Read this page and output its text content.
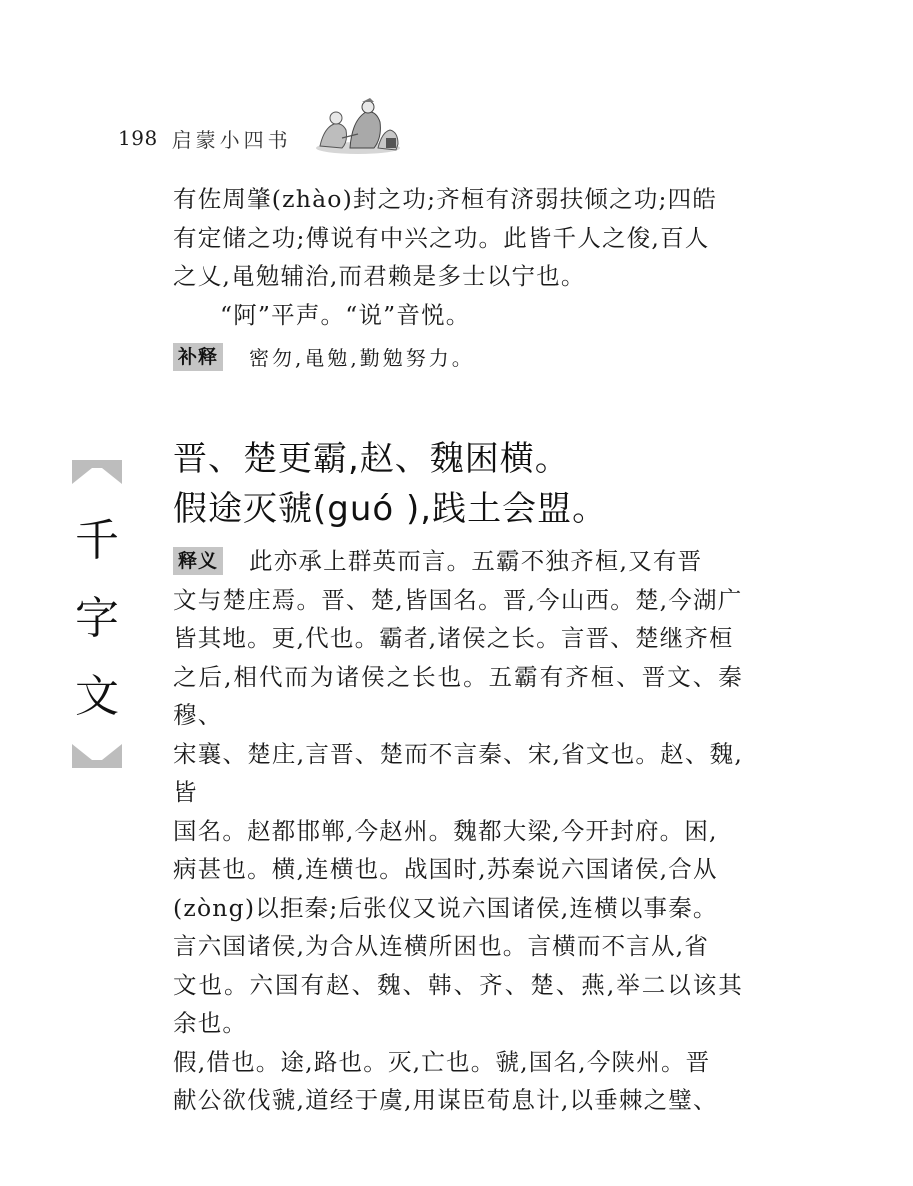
198 启蒙小四书

有佐周肇(zhào)封之功;齐桓有济弱扶倾之功;四皓

有定储之功;傅说有中兴之功。此皆千人之俊,百人

之乂,黾勉辅治,而君赖是多士以宁也。

“阿”平声。“说”音悦。

补释 密勿,黾勉,勤勉努力。
晋、楚更霸,赵、魏困横。
假途灭虢(guó ),践土会盟。
千
字
文

释义 此亦承上群英而言。五霸不独齐桓,又有晋

文与楚庄焉。晋、楚,皆国名。晋,今山西。楚,今湖广

皆其地。更,代也。霸者,诸侯之长。言晋、楚继齐桓

之后,相代而为诸侯之长也。五霸有齐桓、晋文、秦穆、

宋襄、楚庄,言晋、楚而不言秦、宋,省文也。赵、魏,皆

国名。赵都邯郸,今赵州。魏都大梁,今开封府。困,

病甚也。横,连横也。战国时,苏秦说六国诸侯,合从

(zòng)以拒秦;后张仪又说六国诸侯,连横以事秦。

言六国诸侯,为合从连横所困也。言横而不言从,省

文也。六国有赵、魏、韩、齐、楚、燕,举二以该其余也。

假,借也。途,路也。灭,亡也。虢,国名,今陕州。晋

献公欲伐虢,道经于虞,用谋臣荀息计,以垂棘之璧、
